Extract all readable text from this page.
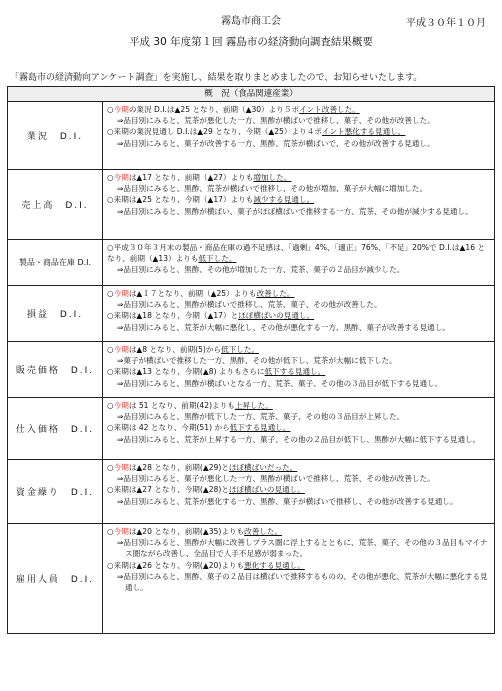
霧島市商工会	平成３０年１０月
平成 30 年度第１回 霧島市の経済動向調査結果概要
「霧島市の経済動向アンケート調査」を実施し、結果を取りまとめましたので、お知らせいたします。
概　況（食品関連産業）	
業況　D.I.	○今期の業況 D.I.は▲25 となり、前期（▲30）より５ポイント改善した。
⇒品目別にみると、荒茶が悪化した一方、黒酢が横ばいで推移し、菓子、その他が改善した。
○来期の業況見通し D.I.は▲29 となり、今期（▲25）より４ポイント悪化する見通し。
⇒品目別にみると、菓子が改善する一方、黒酢、荒茶が横ばいで、その他が改善する見通し。

売上高　D.I.	○今期は▲17 となり、前期（▲27）よりも増加した。
⇒品目別にみると、黒酢、荒茶が横ばいで推移し、その他が増加、菓子が大幅に増加した。
○来期は▲25 となり、今期（▲17）よりも減少する見通し。
⇒品目別にみると、黒酢が横ばい、菓子がほぼ横ばいで推移する一方、荒茶、その他が減少する見通し。

製品・商品在庫 D.I.	○平成３０年３月末の製品・商品在庫の過不足感は、「過剰」4%、「適正」76%、「不足」20%で D.I.は▲16 となり、前期（▲13）よりも低下した。
⇒品目別にみると、黒酢、その他が増加した一方、荒茶、菓子の２品目が減少した。

損益　D.I.	○今期は▲１７となり、前期（▲25）よりも改善した。
⇒品目別にみると、黒酢が横ばいで推移し、荒茶、菓子、その他が改善した。
○来期は▲18 となり、今期（▲17）とほぼ横ばいの見通し。
⇒品目別にみると、荒茶が大幅に悪化し、その他が悪化する一方、黒酢、菓子が改善する見通し。

販売価格　D.I.	○今期は▲8 となり、前期(5)から低下した。
⇒菓子が横ばいで推移した一方、黒酢、その他が低下し、荒茶が大幅に低下した。
○来期は▲13 となり、今期(▲8) よりもさらに低下する見通し。
⇒品目別にみると、黒酢が横ばいとなる一方、荒茶、菓子、その他の３品目が低下する見通し。

仕入価格　D.I.	○今期は 51 となり、前期(42)よりも上昇した。
⇒品目別にみると、黒酢が低下した一方、荒茶、菓子、その他の３品目が上昇した。
○来期は 42 となり、今期(51) から低下する見通し。
⇒品目別にみると、荒茶が上昇する一方、菓子、その他の２品目が低下し、黒酢が大幅に低下する見通し。

資金繰り　D.I.	○今期は▲28 となり、前期(▲29)とほぼ横ばいだった。
⇒品目別にみると、菓子が悪化した一方、黒酢が横ばいで推移し、荒茶、その他が改善した。
○来期は▲27 となり、今期(▲28)とほぼ横ばいの見通し。
⇒品目別にみると、荒茶が悪化する一方、黒酢、菓子が横ばいで推移し、その他が改善する見通し。

雇用人員　D.I.	○今期は▲20 となり、前期(▲35)よりも改善した。
⇒品目別にみると、黒酢が大幅に改善しプラス圏に浮上するとともに、荒茶、菓子、その他の３品目もマイナス圏ながら改善し、全品目で人手不足感が弱まった。
○来期は▲26 となり、今期(▲20)よりも悪化する見通し。
⇒品目別にみると、黒酢、菓子の２品目は横ばいで推移するものの、その他が悪化、荒茶が大幅に悪化する見通し。
